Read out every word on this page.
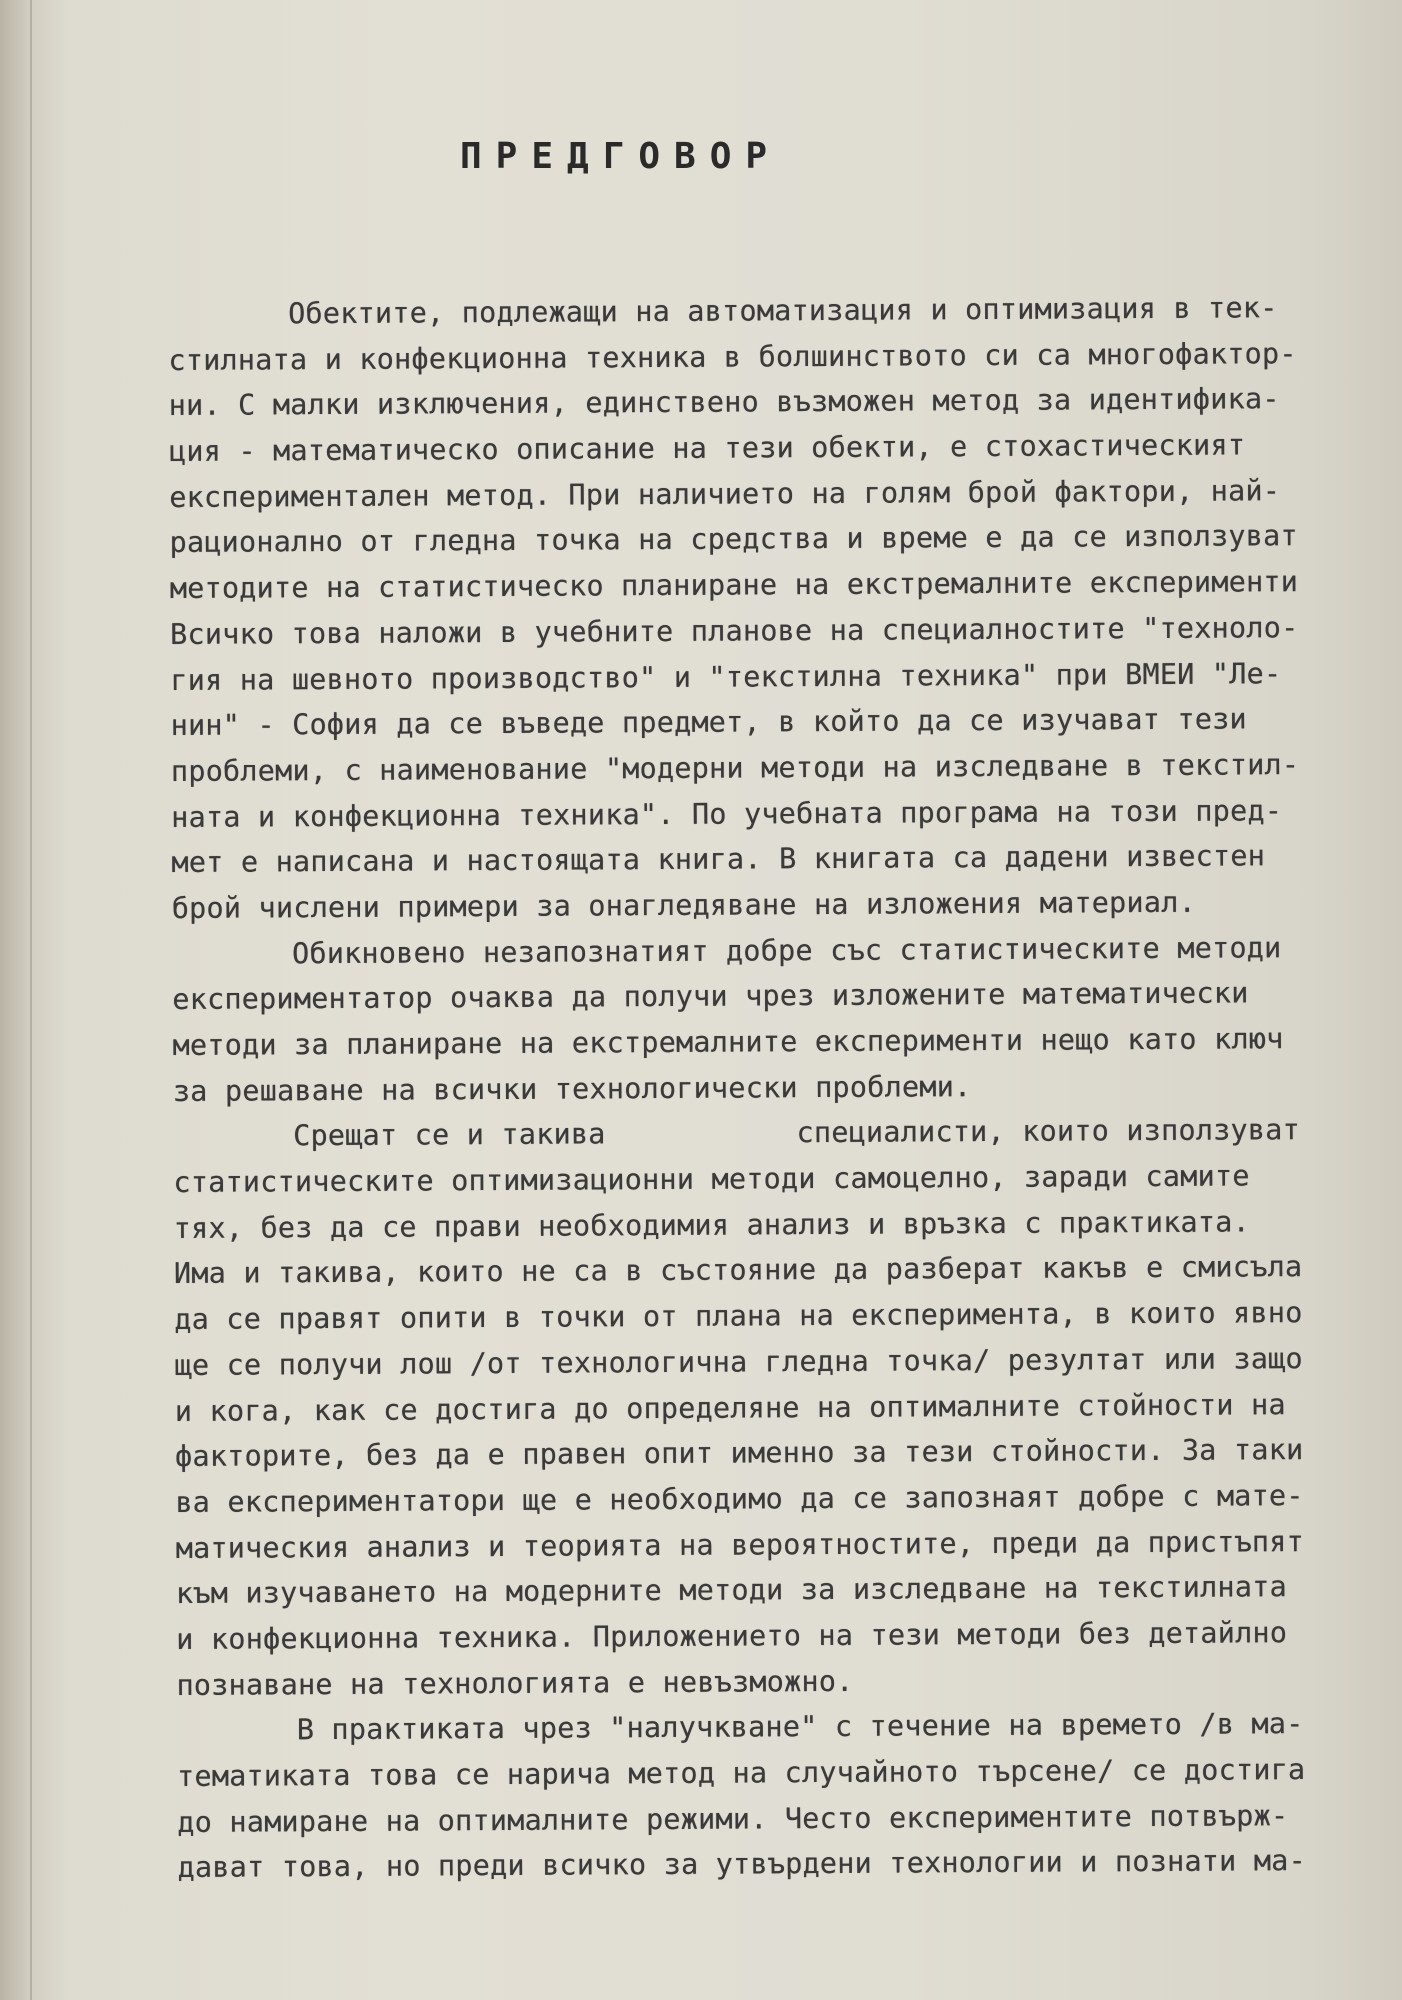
ПРЕДГОВОР
Обектите, подлежащи на автоматизация и оптимизация в тек-
стилната и конфекционна техника в болшинството си са многофактор-
ни. С малки изключения, единствено възможен метод за идентифика-
ция - математическо описание на тези обекти, е стохастическият
експериментален метод. При наличието на голям брой фактори, най-
рационално от гледна точка на средства и време е да се използуват
методите на статистическо планиране на екстремалните експерименти
Всичко това наложи в учебните планове на специалностите "техноло-
гия на шевното производство" и "текстилна техника" при ВМЕИ "Ле-
нин" - София да се въведе предмет, в който да се изучават тези
проблеми, с наименование "модерни методи на изследване в текстил-
ната и конфекционна техника". По учебната програма на този пред-
мет е написана и настоящата книга. В книгата са дадени известен
брой числени примери за онагледяване на изложения материал.
Обикновено незапознатият добре със статистическите методи
експериментатор очаква да получи чрез изложените математически
методи за планиране на екстремалните експерименти нещо като ключ
за решаване на всички технологически проблеми.
Срещат се и такива           специалисти, които използуват
статистическите оптимизационни методи самоцелно, заради самите
тях, без да се прави необходимия анализ и връзка с практиката.
Има и такива, които не са в състояние да разберат какъв е смисъла
да се правят опити в точки от плана на експеримента, в които явно
ще се получи лош /от технологична гледна точка/ резултат или защо
и кога, как се достига до определяне на оптималните стойности на
факторите, без да е правен опит именно за тези стойности. За таки
ва експериментатори ще е необходимо да се запознаят добре с мате-
матическия анализ и теорията на вероятностите, преди да пристъпят
към изучаването на модерните методи за изследване на текстилната
и конфекционна техника. Приложението на тези методи без детайлно
познаване на технологията е невъзможно.
В практиката чрез "налучкване" с течение на времето /в ма-
тематиката това се нарича метод на случайното търсене/ се достига
до намиране на оптималните режими. Често експериментите потвърж-
дават това, но преди всичко за утвърдени технологии и познати ма-
